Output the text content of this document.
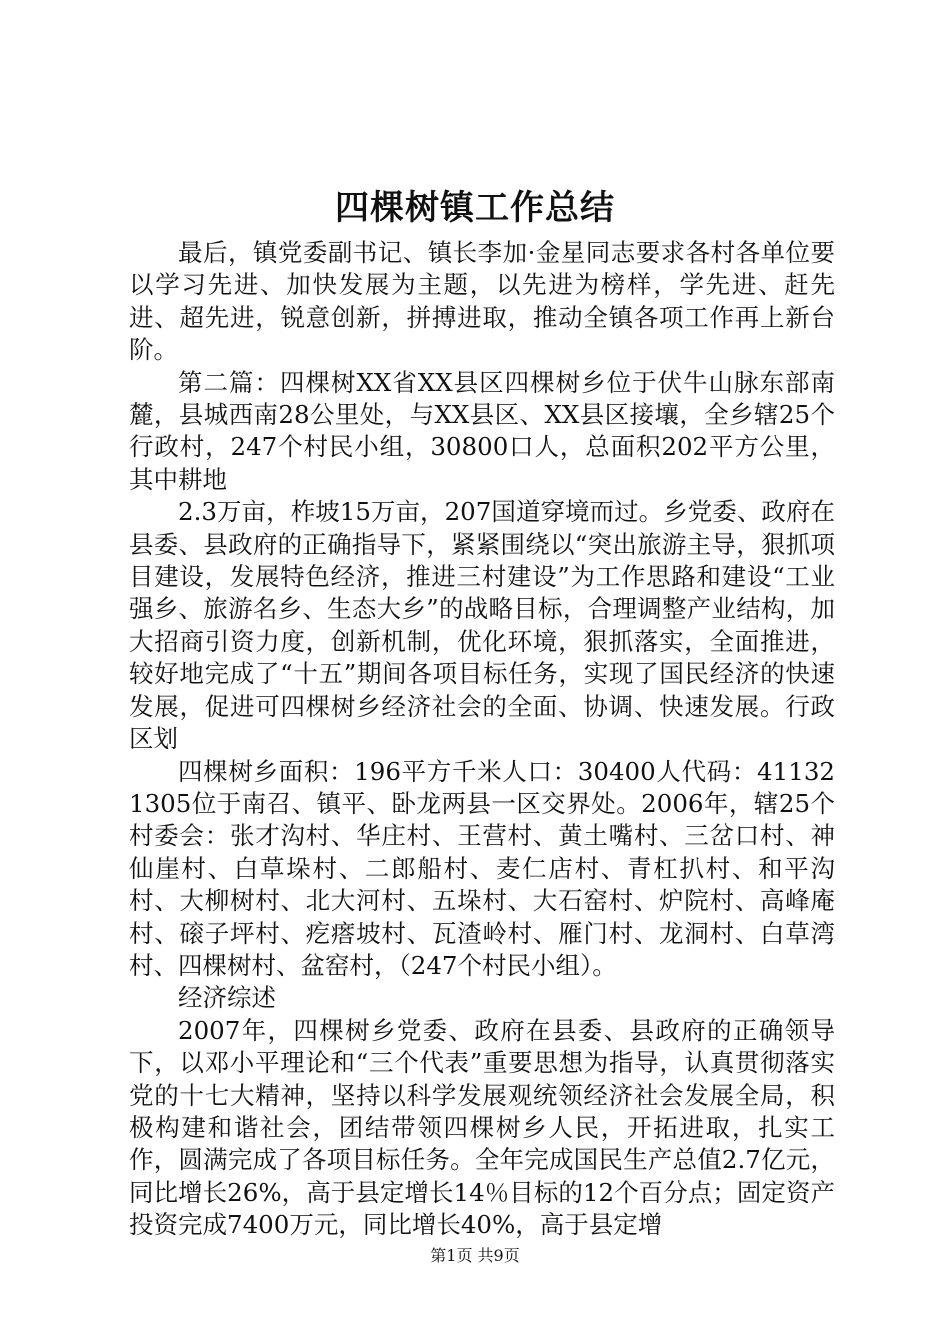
四棵树镇工作总结

最后，镇党委副书记、镇长李加·金星同志要求各村各单位要以学习先进、加快发展为主题，以先进为榜样，学先进、赶先进、超先进，锐意创新，拼搏进取，推动全镇各项工作再上新台阶。

第二篇：四棵树XX省XX县区四棵树乡位于伏牛山脉东部南麓，县城西南28公里处，与XX县区、XX县区接壤，全乡辖25个行政村，247个村民小组，30800口人，总面积202平方公里，其中耕地

2.3万亩，柞坡15万亩，207国道穿境而过。乡党委、政府在县委、县政府的正确指导下，紧紧围绕以“突出旅游主导，狠抓项目建设，发展特色经济，推进三村建设”为工作思路和建设“工业强乡、旅游名乡、生态大乡”的战略目标，合理调整产业结构，加大招商引资力度，创新机制，优化环境，狠抓落实，全面推进，较好地完成了“十五”期间各项目标任务，实现了国民经济的快速发展，促进可四棵树乡经济社会的全面、协调、快速发展。行政区划

四棵树乡面积：196平方千米人口：30400人代码：411321305位于南召、镇平、卧龙两县一区交界处。2006年，辖25个村委会：张才沟村、华庄村、王营村、黄土嘴村、三岔口村、神仙崖村、白草垛村、二郎船村、麦仁店村、青杠扒村、和平沟村、大柳树村、北大河村、五垛村、大石窑村、炉院村、高峰庵村、磙子坪村、疙瘩坡村、瓦渣岭村、雁门村、龙洞村、白草湾村、四棵树村、盆窑村，（247个村民小组）。

经济综述

2007年，四棵树乡党委、政府在县委、县政府的正确领导下，以邓小平理论和“三个代表”重要思想为指导，认真贯彻落实党的十七大精神，坚持以科学发展观统领经济社会发展全局，积极构建和谐社会，团结带领四棵树乡人民，开拓进取，扎实工作，圆满完成了各项目标任务。全年完成国民生产总值2.7亿元，同比增长26%，高于县定增长14％目标的12个百分点；固定资产投资完成7400万元，同比增长40%，高于县定增

第1页 共9页
